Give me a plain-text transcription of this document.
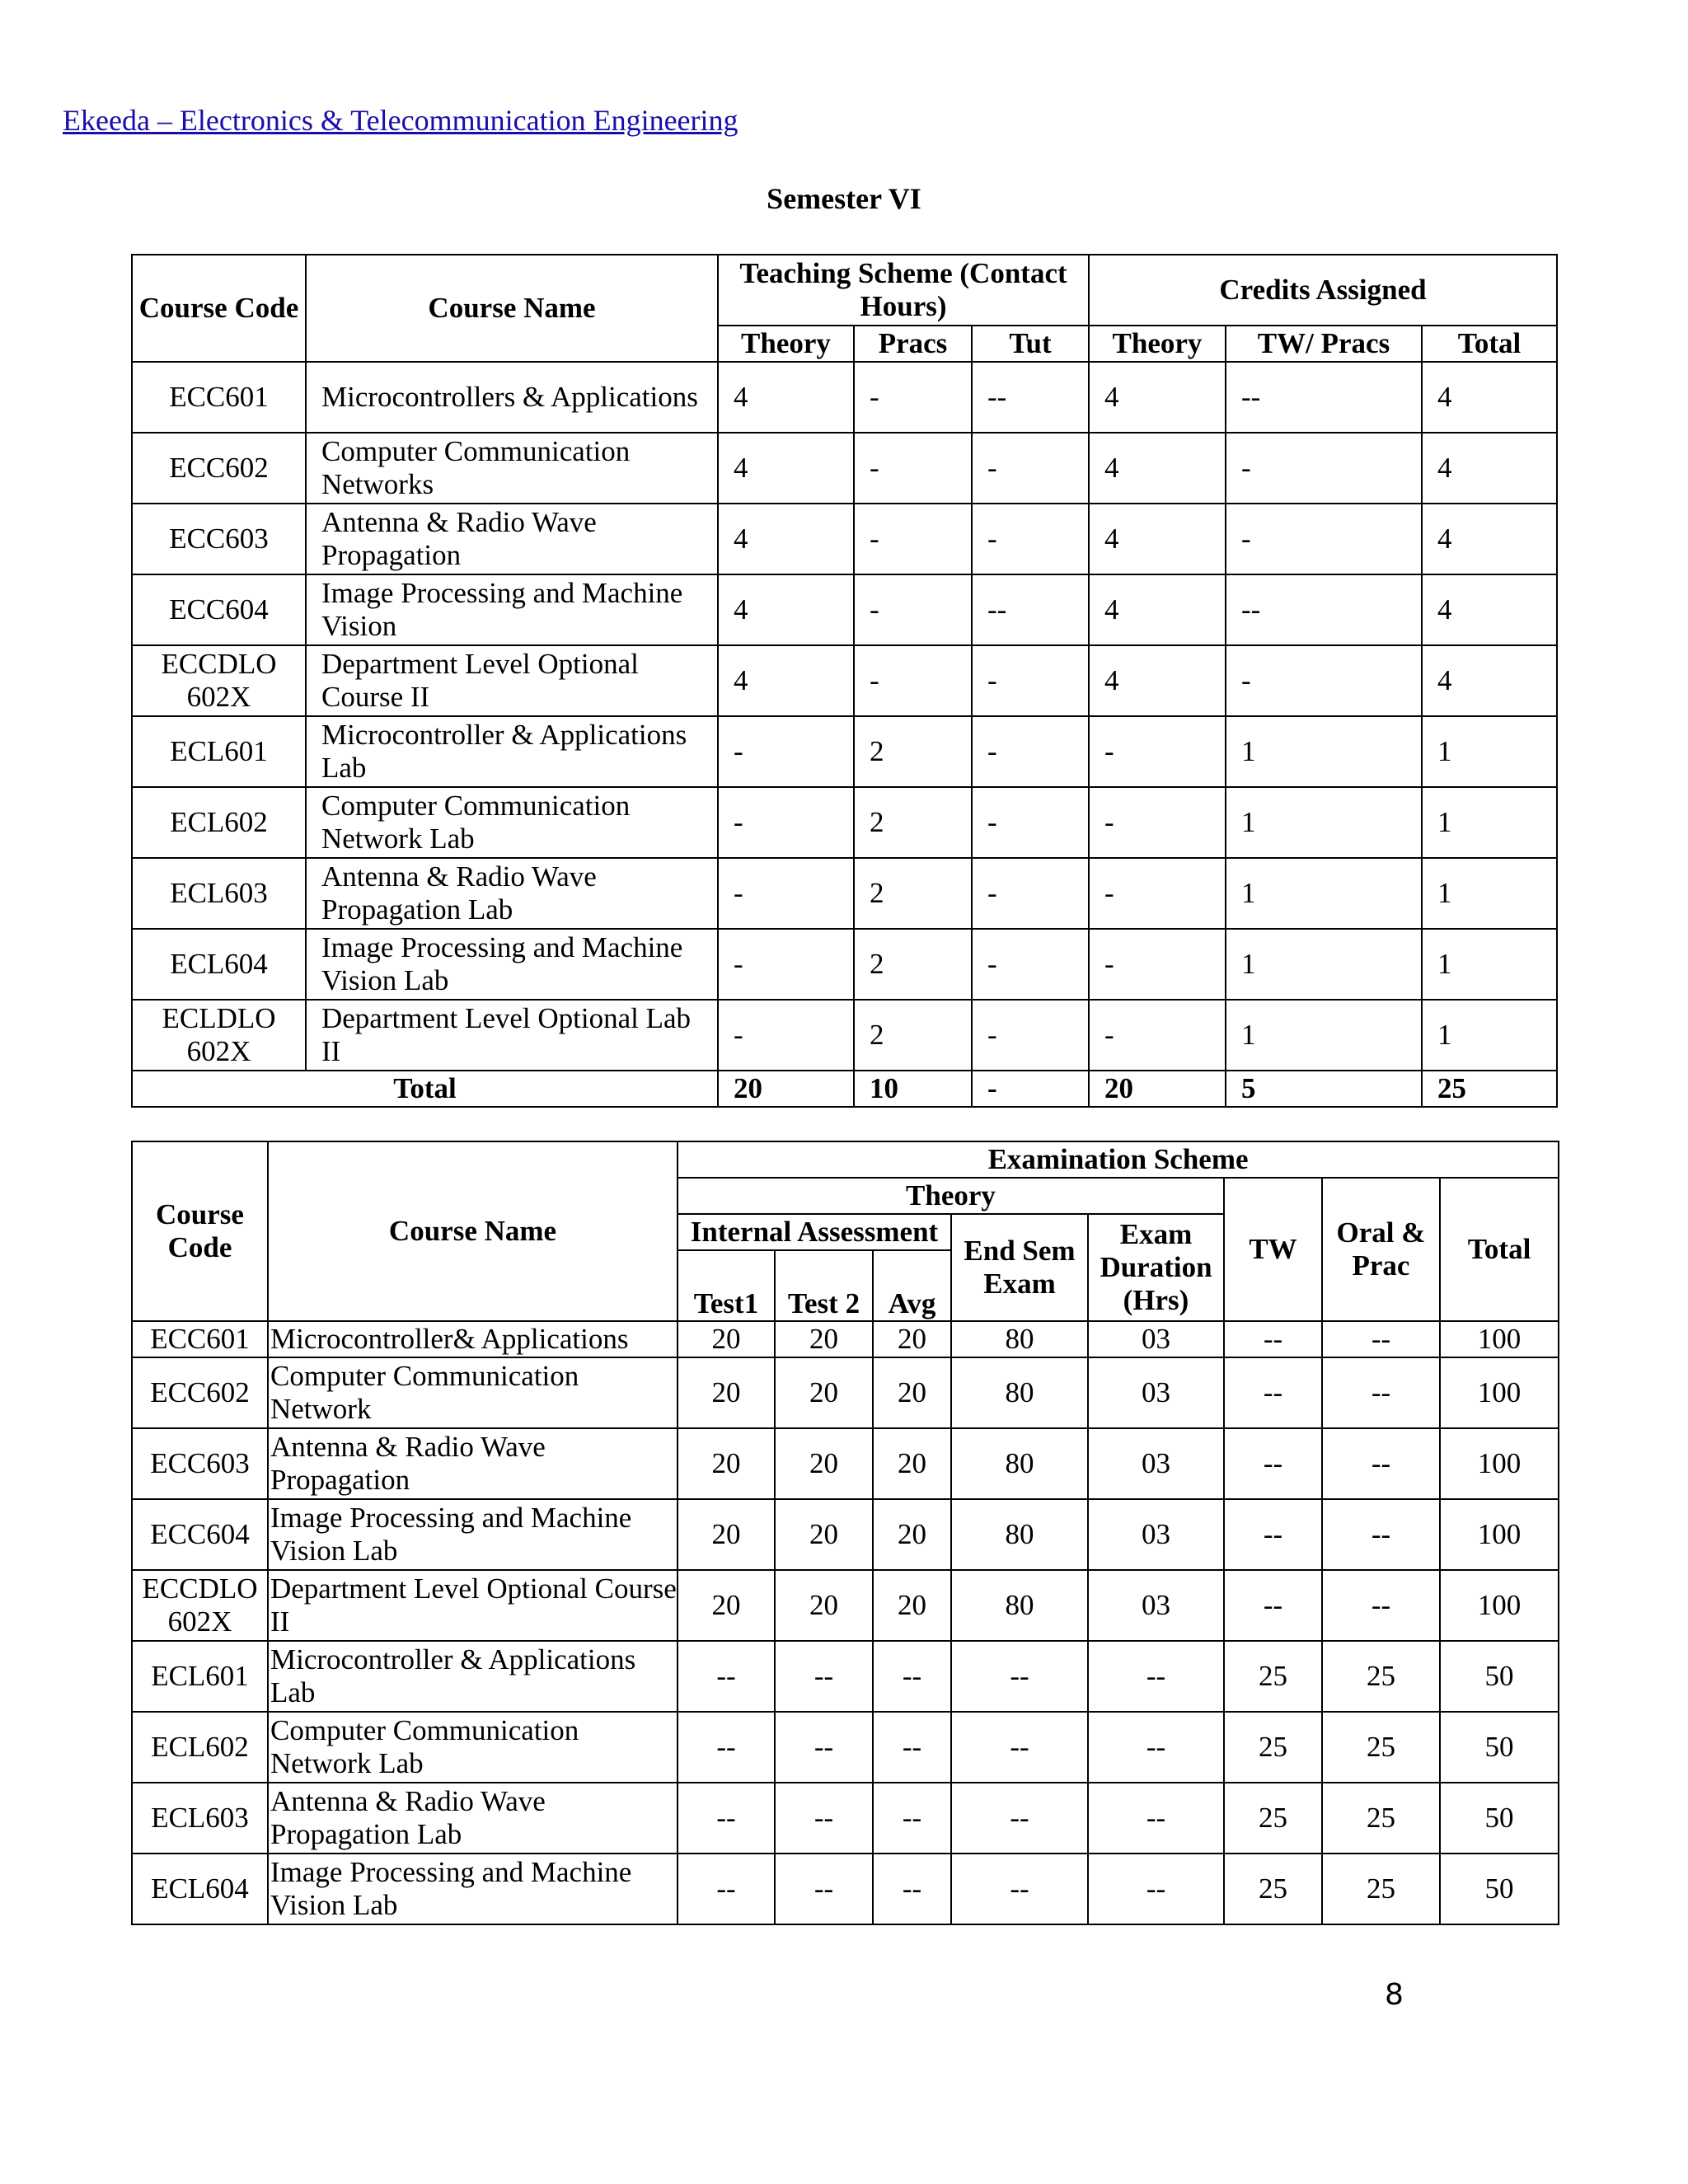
Ekeeda – Electronics & Telecommunication Engineering
Semester VI
Course Code	Course Name	Teaching Scheme (Contact Hours)			Credits Assigned		
		Theory	Pracs	Tut	Theory	TW/ Pracs	Total
ECC601	Microcontrollers & Applications	4	-	--	4	--	4
ECC602	Computer Communication Networks	4	-	-	4	-	4
ECC603	Antenna & Radio Wave Propagation	4	-	-	4	-	4
ECC604	Image Processing and Machine Vision	4	-	--	4	--	4
ECCDLO 602X	Department Level Optional Course II	4	-	-	4	-	4
ECL601	Microcontroller & Applications Lab	-	2	-	-	1	1
ECL602	Computer Communication Network Lab	-	2	-	-	1	1
ECL603	Antenna & Radio Wave Propagation Lab	-	2	-	-	1	1
ECL604	Image Processing and Machine Vision Lab	-	2	-	-	1	1
ECLDLO 602X	Department Level Optional Lab II	-	2	-	-	1	1
Total		20	10	-	20	5	25
Course Code	Course Name	Examination Scheme							
		Theory					TW	Oral & Prac	Total
		Internal Assessment			End Sem Exam	Exam Duration (Hrs)			
		Test1	Test 2	Avg					
ECC601	Microcontroller& Applications	20	20	20	80	03	--	--	100
ECC602	Computer Communication Network	20	20	20	80	03	--	--	100
ECC603	Antenna & Radio Wave Propagation	20	20	20	80	03	--	--	100
ECC604	Image Processing and Machine Vision Lab	20	20	20	80	03	--	--	100
ECCDLO 602X	Department Level Optional Course II	20	20	20	80	03	--	--	100
ECL601	Microcontroller & Applications Lab	--	--	--	--	--	25	25	50
ECL602	Computer Communication Network Lab	--	--	--	--	--	25	25	50
ECL603	Antenna & Radio Wave Propagation Lab	--	--	--	--	--	25	25	50
ECL604	Image Processing and Machine Vision Lab	--	--	--	--	--	25	25	50
8
